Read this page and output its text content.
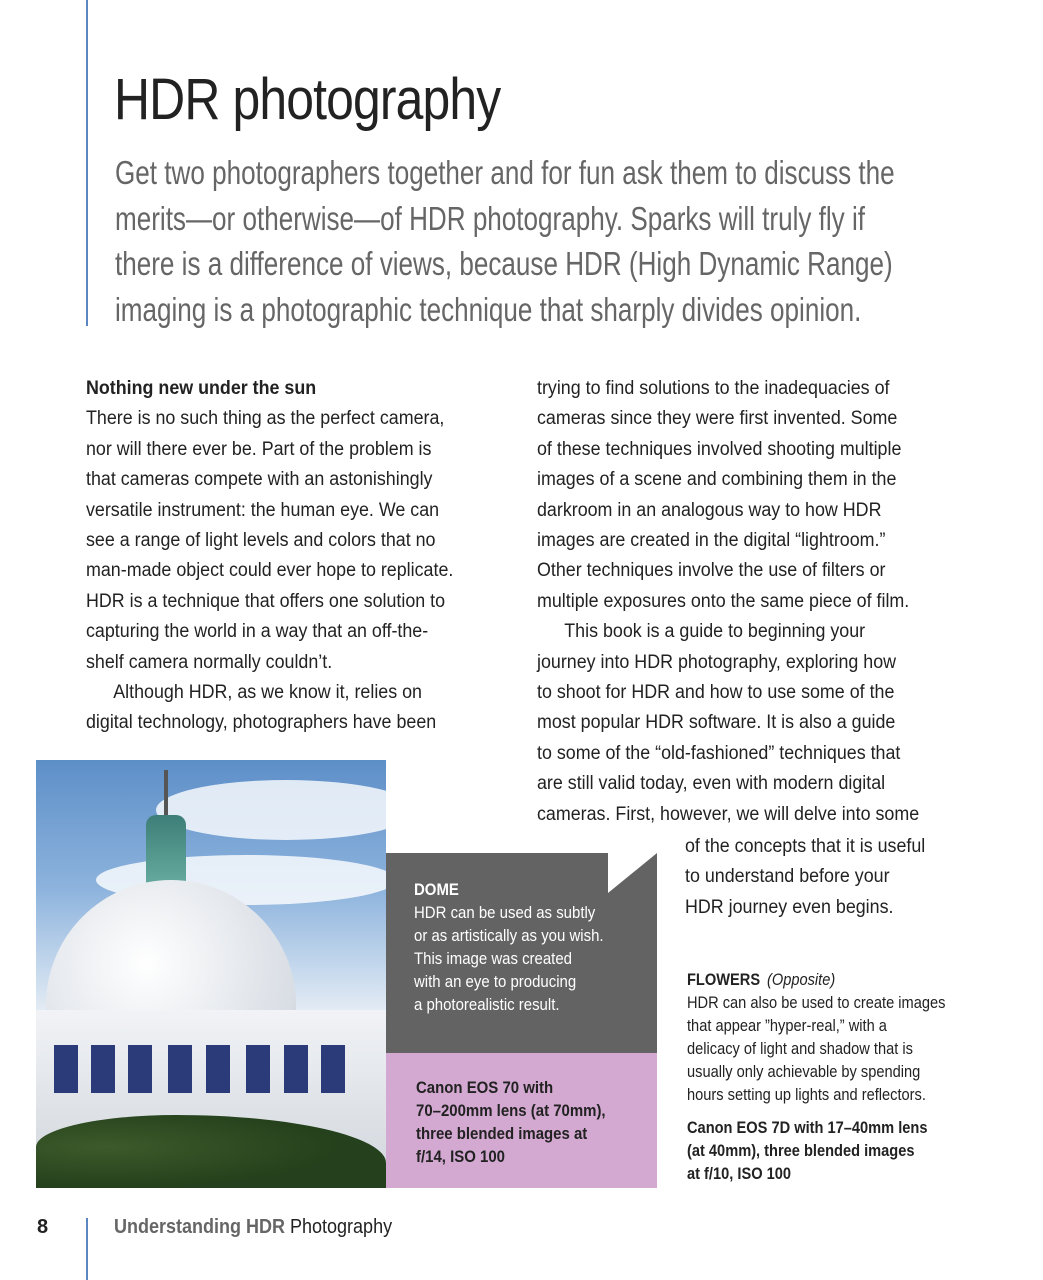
HDR photography
Get two photographers together and for fun ask them to discuss the
merits—or otherwise—of HDR photography. Sparks will truly fly if
there is a difference of views, because HDR (High Dynamic Range)
imaging is a photographic technique that sharply divides opinion.
Nothing new under the sun
There is no such thing as the perfect camera,
nor will there ever be. Part of the problem is
that cameras compete with an astonishingly
versatile instrument: the human eye. We can
see a range of light levels and colors that no
man-made object could ever hope to replicate.
HDR is a technique that offers one solution to
capturing the world in a way that an off-the-
shelf camera normally couldn’t.
Although HDR, as we know it, relies on
digital technology, photographers have been
trying to find solutions to the inadequacies of
cameras since they were first invented. Some
of these techniques involved shooting multiple
images of a scene and combining them in the
darkroom in an analogous way to how HDR
images are created in the digital “lightroom.”
Other techniques involve the use of filters or
multiple exposures onto the same piece of film.
This book is a guide to beginning your
journey into HDR photography, exploring how
to shoot for HDR and how to use some of the
most popular HDR software. It is also a guide
to some of the “old-fashioned” techniques that
are still valid today, even with modern digital
cameras. First, however, we will delve into some
of the concepts that it is useful
to understand before your
HDR journey even begins.
DOME
HDR can be used as subtly
or as artistically as you wish.
This image was created
with an eye to producing
a photorealistic result.
Canon EOS 70 with
70–200mm lens (at 70mm),
three blended images at
f/14, ISO 100
FLOWERS (Opposite)
HDR can also be used to create images
that appear ”hyper-real,” with a
delicacy of light and shadow that is
usually only achievable by spending
hours setting up lights and reflectors.
Canon EOS 7D with 17–40mm lens
(at 40mm), three blended images
at f/10, ISO 100
8	Understanding HDR Photography
